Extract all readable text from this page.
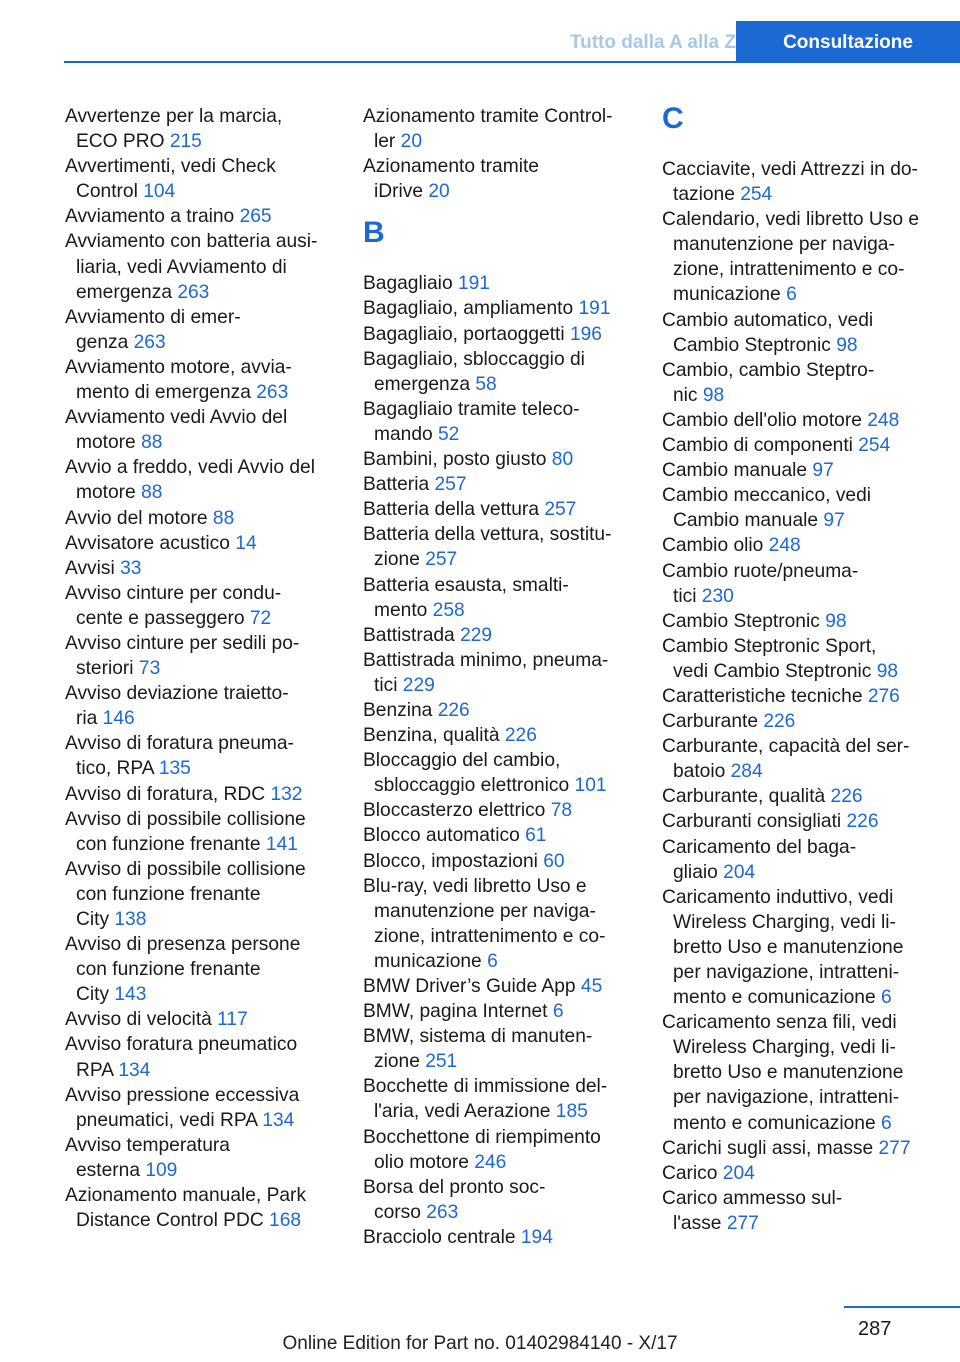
Tutto dalla A alla Z	Consultazione
Avvertenze per la marcia,
ECO PRO 215
Avvertimenti, vedi Check
Control 104
Avviamento a traino 265
Avviamento con batteria ausi-
liaria, vedi Avviamento di
emergenza 263
Avviamento di emer-
genza 263
Avviamento motore, avvia-
mento di emergenza 263
Avviamento vedi Avvio del
motore 88
Avvio a freddo, vedi Avvio del
motore 88
Avvio del motore 88
Avvisatore acustico 14
Avvisi 33
Avviso cinture per condu-
cente e passeggero 72
Avviso cinture per sedili po-
steriori 73
Avviso deviazione traietto-
ria 146
Avviso di foratura pneuma-
tico, RPA 135
Avviso di foratura, RDC 132
Avviso di possibile collisione
con funzione frenante 141
Avviso di possibile collisione
con funzione frenante
City 138
Avviso di presenza persone
con funzione frenante
City 143
Avviso di velocità 117
Avviso foratura pneumatico
RPA 134
Avviso pressione eccessiva
pneumatici, vedi RPA 134
Avviso temperatura
esterna 109
Azionamento manuale, Park
Distance Control PDC 168
Azionamento tramite Control-
ler 20
Azionamento tramite
iDrive 20
B
Bagagliaio 191
Bagagliaio, ampliamento 191
Bagagliaio, portaoggetti 196
Bagagliaio, sbloccaggio di
emergenza 58
Bagagliaio tramite teleco-
mando 52
Bambini, posto giusto 80
Batteria 257
Batteria della vettura 257
Batteria della vettura, sostitu-
zione 257
Batteria esausta, smalti-
mento 258
Battistrada 229
Battistrada minimo, pneuma-
tici 229
Benzina 226
Benzina, qualità 226
Bloccaggio del cambio,
sbloccaggio elettronico 101
Bloccasterzo elettrico 78
Blocco automatico 61
Blocco, impostazioni 60
Blu-ray, vedi libretto Uso e
manutenzione per naviga-
zione, intrattenimento e co-
municazione 6
BMW Driver’s Guide App 45
BMW, pagina Internet 6
BMW, sistema di manuten-
zione 251
Bocchette di immissione del-
l'aria, vedi Aerazione 185
Bocchettone di riempimento
olio motore 246
Borsa del pronto soc-
corso 263
Bracciolo centrale 194
C
Cacciavite, vedi Attrezzi in do-
tazione 254
Calendario, vedi libretto Uso e
manutenzione per naviga-
zione, intrattenimento e co-
municazione 6
Cambio automatico, vedi
Cambio Steptronic 98
Cambio, cambio Steptro-
nic 98
Cambio dell'olio motore 248
Cambio di componenti 254
Cambio manuale 97
Cambio meccanico, vedi
Cambio manuale 97
Cambio olio 248
Cambio ruote/pneuma-
tici 230
Cambio Steptronic 98
Cambio Steptronic Sport,
vedi Cambio Steptronic 98
Caratteristiche tecniche 276
Carburante 226
Carburante, capacità del ser-
batoio 284
Carburante, qualità 226
Carburanti consigliati 226
Caricamento del baga-
gliaio 204
Caricamento induttivo, vedi
Wireless Charging, vedi li-
bretto Uso e manutenzione
per navigazione, intratteni-
mento e comunicazione 6
Caricamento senza fili, vedi
Wireless Charging, vedi li-
bretto Uso e manutenzione
per navigazione, intratteni-
mento e comunicazione 6
Carichi sugli assi, masse 277
Carico 204
Carico ammesso sul-
l'asse 277
287
Online Edition for Part no. 01402984140 - X/17
